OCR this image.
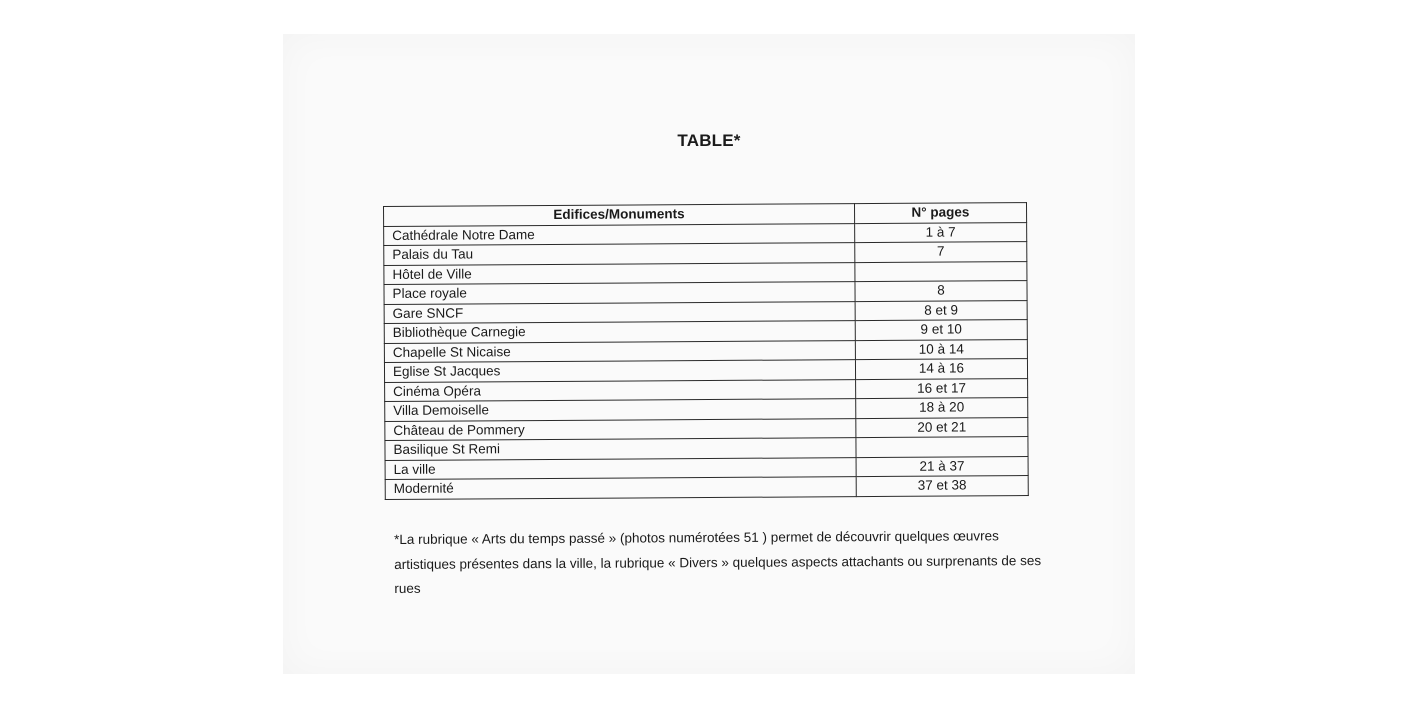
TABLE*
Edifices/Monuments	N° pages
Cathédrale Notre Dame	1 à 7
Palais du Tau	7
Hôtel de Ville	
Place royale	8
Gare SNCF	8 et 9
Bibliothèque Carnegie	9 et 10
Chapelle St Nicaise	10 à 14
Eglise St Jacques	14 à 16
Cinéma Opéra	16 et 17
Villa Demoiselle	18 à 20
Château de Pommery	20 et 21
Basilique St Remi	
La ville	21 à 37
Modernité	37 et 38
*La rubrique « Arts du temps passé » (photos numérotées 51 ) permet de découvrir quelques œuvres artistiques présentes dans la ville, la rubrique « Divers » quelques aspects attachants ou surprenants de ses rues
